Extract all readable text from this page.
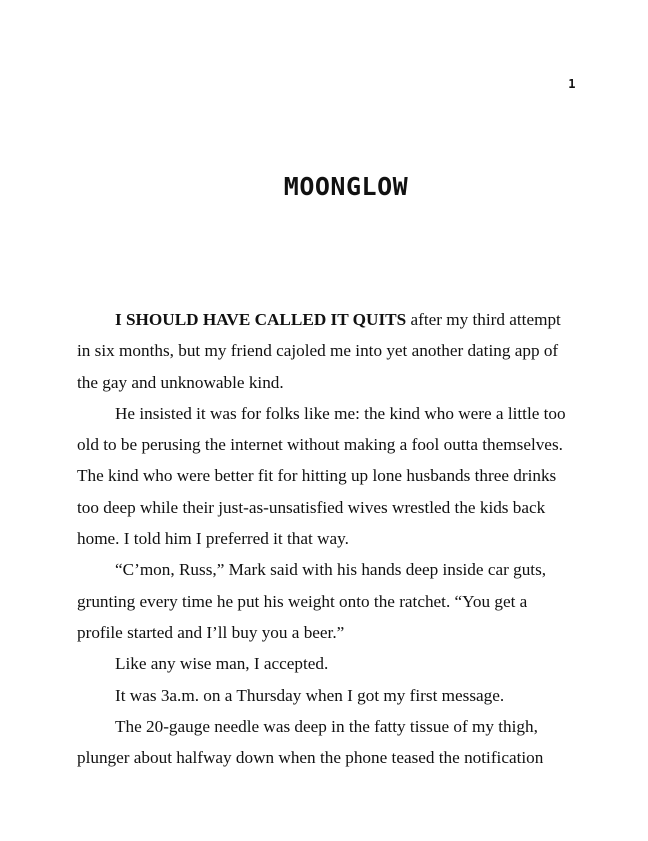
1
MOONGLOW

I SHOULD HAVE CALLED IT QUITS after my third attempt in six months, but my friend cajoled me into yet another dating app of the gay and unknowable kind.

He insisted it was for folks like me: the kind who were a little too old to be perusing the internet without making a fool outta themselves. The kind who were better fit for hitting up lone husbands three drinks too deep while their just-as-unsatisfied wives wrestled the kids back home. I told him I preferred it that way.

“C’mon, Russ,” Mark said with his hands deep inside car guts, grunting every time he put his weight onto the ratchet. “You get a profile started and I’ll buy you a beer.”

Like any wise man, I accepted.

It was 3a.m. on a Thursday when I got my first message.

The 20-gauge needle was deep in the fatty tissue of my thigh, plunger about halfway down when the phone teased the notification
